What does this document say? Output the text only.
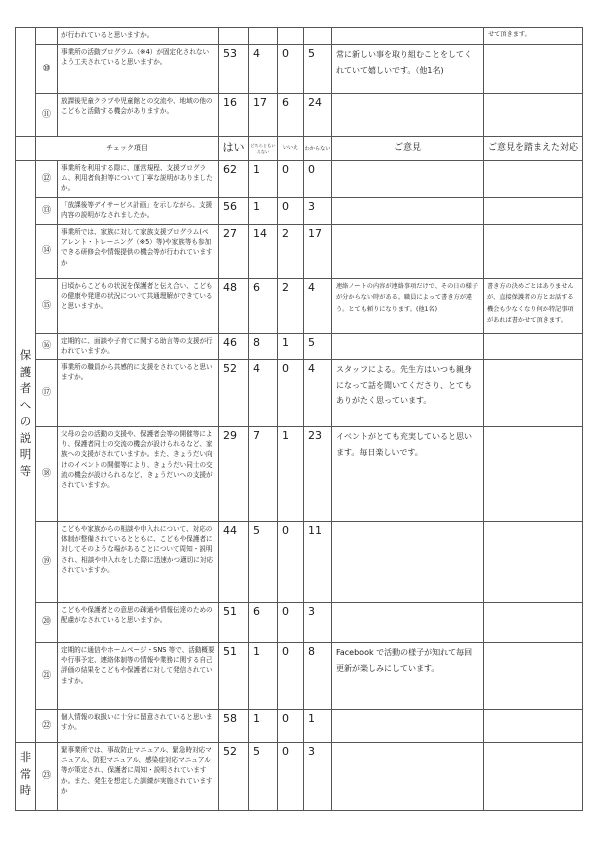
		が行われていると思いますか。						せて頂きます。
	⑩	事業所の活動プログラム（※4）が固定化されないよう工夫されていると思いますか。	53	4	0	5	常に新しい事を取り組むことをしてくれていて嬉しいです。（他1名)	
	⑪	放課後児童クラブや児童館との交流や、地域の他のこどもと活動する機会がありますか。	16	17	6	24		
	チェック項目		はい	どちらともいえない	いいえ	わからない	ご意見	ご意見を踏まえた対応

保護者への説明等	⑫	事業所を利用する際に、運営規程、支援プログラム、利用者負担等について丁寧な説明がありましたか。	62	1	0	0		
	⑬	「放課後等デイサービス計画」を示しながら、支援内容の説明がなされましたか。	56	1	0	3		
	⑭	事業所では、家族に対して家族支援プログラム(ペアレント・トレーニング（※5）等)や家族等も参加できる研修会や情報提供の機会等が行われていますか	27	14	2	17		
	⑮	日頃からこどもの状況を保護者と伝え合い、こどもの健康や発達の状況について共通理解ができていると思いますか。	48	6	2	4	連絡ノートの内容が連絡事項だけで、その日の様子が分からない時がある。職員によって書き方が違う。とても頼りになります。(他1名)	書き方の決めごとはありませんが、直接保護者の方とお話する機会も少なくなり何か特記事項があれば書かせて頂きます。
	⑯	定期的に、面談や子育てに関する助言等の支援が行われていますか。	46	8	1	5		
	⑰	事業所の職員から共感的に支援をされていると思いますか。	52	4	0	4	スタッフによる。先生方はいつも親身になって話を聞いてくださり、とてもありがたく思っています。	
	⑱	父母の会の活動の支援や、保護者会等の開催等により、保護者同士の交流の機会が設けられるなど、家族への支援がされていますか。また、きょうだい向けのイベントの開催等により、きょうだい同士の交流の機会が設けられるなど、きょうだいへの支援がされていますか。	29	7	1	23	イベントがとても充実していると思います。毎日楽しいです。	
	⑲	こどもや家族からの相談や申入れについて、対応の体制が整備されているとともに、こどもや保護者に対してそのような場があることについて周知・説明され、相談や申入れをした際に迅速かつ適切に対応されていますか。	44	5	0	11		
	⑳	こどもや保護者との意思の疎通や情報伝達のための配慮がなされていると思いますか。	51	6	0	3		
	㉑	定期的に通信やホームページ・SNS 等で、活動概要や行事予定、連絡体制等の情報や業務に関する自己評価の結果をこどもや保護者に対して発信されていますか。	51	1	0	8	Facebook で活動の様子が知れて毎回更新が楽しみにしています。	
	㉒	個人情報の取扱いに十分に留意されていると思いますか。	58	1	0	1		

非常時	㉓	緊事業所では、事故防止マニュアル、緊急時対応マニュアル、防犯マニュアル、感染症対応マニュアル等が策定され、保護者に周知・説明されていますか。また、発生を想定した訓練が実施されていますか	52	5	0	3		
